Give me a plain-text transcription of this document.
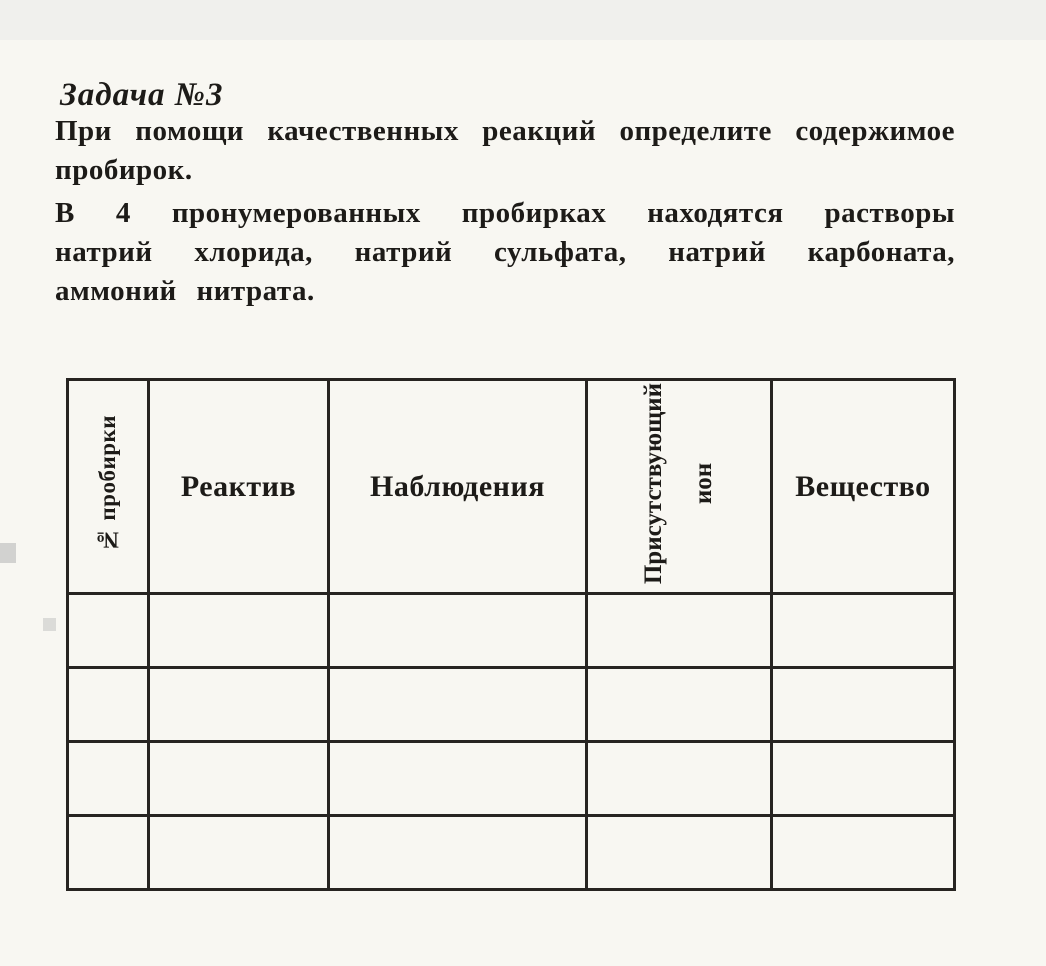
Задача №3

При помощи качественных реакций определите содержимое пробирок.

В 4 пронумерованных пробирках находятся растворы натрий хлорида, натрий сульфата, натрий карбоната, аммоний нитрата.

№ пробирки	Реактив	Наблюдения	Присутствующий ион	Вещество
